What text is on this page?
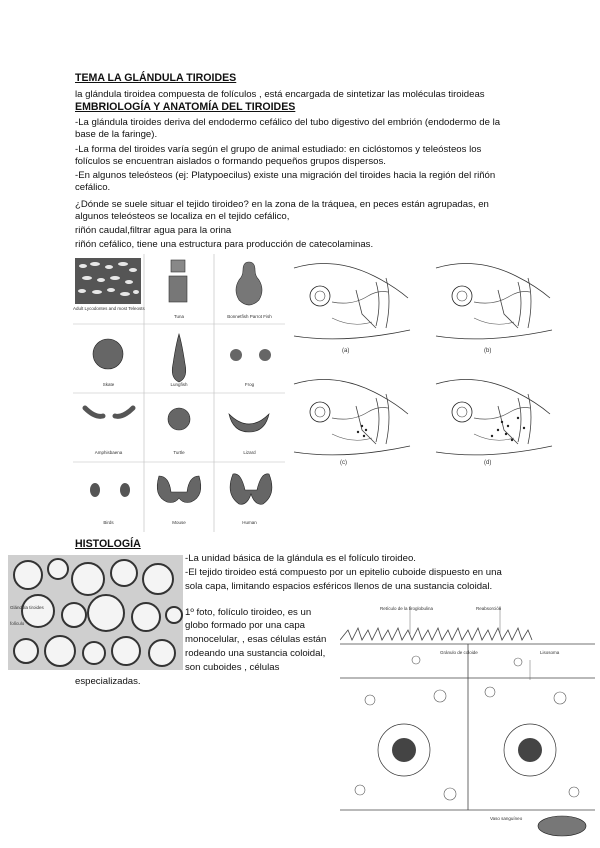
TEMA LA GLÁNDULA TIROIDES
la glándula tiroidea compuesta de folículos , está encargada de sintetizar las moléculas tiroideas
EMBRIOLOGÍA Y ANATOMÍA DEL TIROIDES
-La glándula tiroides deriva del endodermo cefálico del tubo digestivo del embrión (endodermo de la
base de la faringe).
-La forma del tiroides varía según el grupo de animal estudiado: en ciclóstomos y teleósteos los
folículos se encuentran aislados o formando pequeños grupos dispersos.
-En algunos teleósteos (ej: Platypoecilus) existe una migración del tiroides hacia la región del riñón
cefálico.
¿Dónde se suele situar el tejido tiroideo? en la zona de la tráquea, en peces están agrupadas, en
algunos teleósteos se localiza en el tejido cefálico,
riñón caudal,filtrar agua para la orina
riñón cefálico, tiene una estructura para producción de catecolaminas.
Adult Lycodontes and most Teleosts
Tuna	Bonnetfish Parrot Fish
Skate	Lungfish	Frog
Amphisbaena	Turtle	Lizard
Birds	Mouse	Human
(a)	(b)
(c)	(d)
HISTOLOGÍA
Glándula tiroides
folículo
-La unidad básica de la glándula es el folículo tiroideo.
-El tejido tiroideo está compuesto por un epitelio cuboide dispuesto en una
sola capa, limitando espacios esféricos llenos de una sustancia coloidal.
1º foto, folículo tiroideo, es un
globo formado por una capa
monocelular, , esas células están
rodeando una sustancia coloidal,
son cuboides , células
especializadas.
Retículo de la tiroglobulina	Reabsorción
Gránulo de coloide	Lisosoma
Vaso sanguíneo
